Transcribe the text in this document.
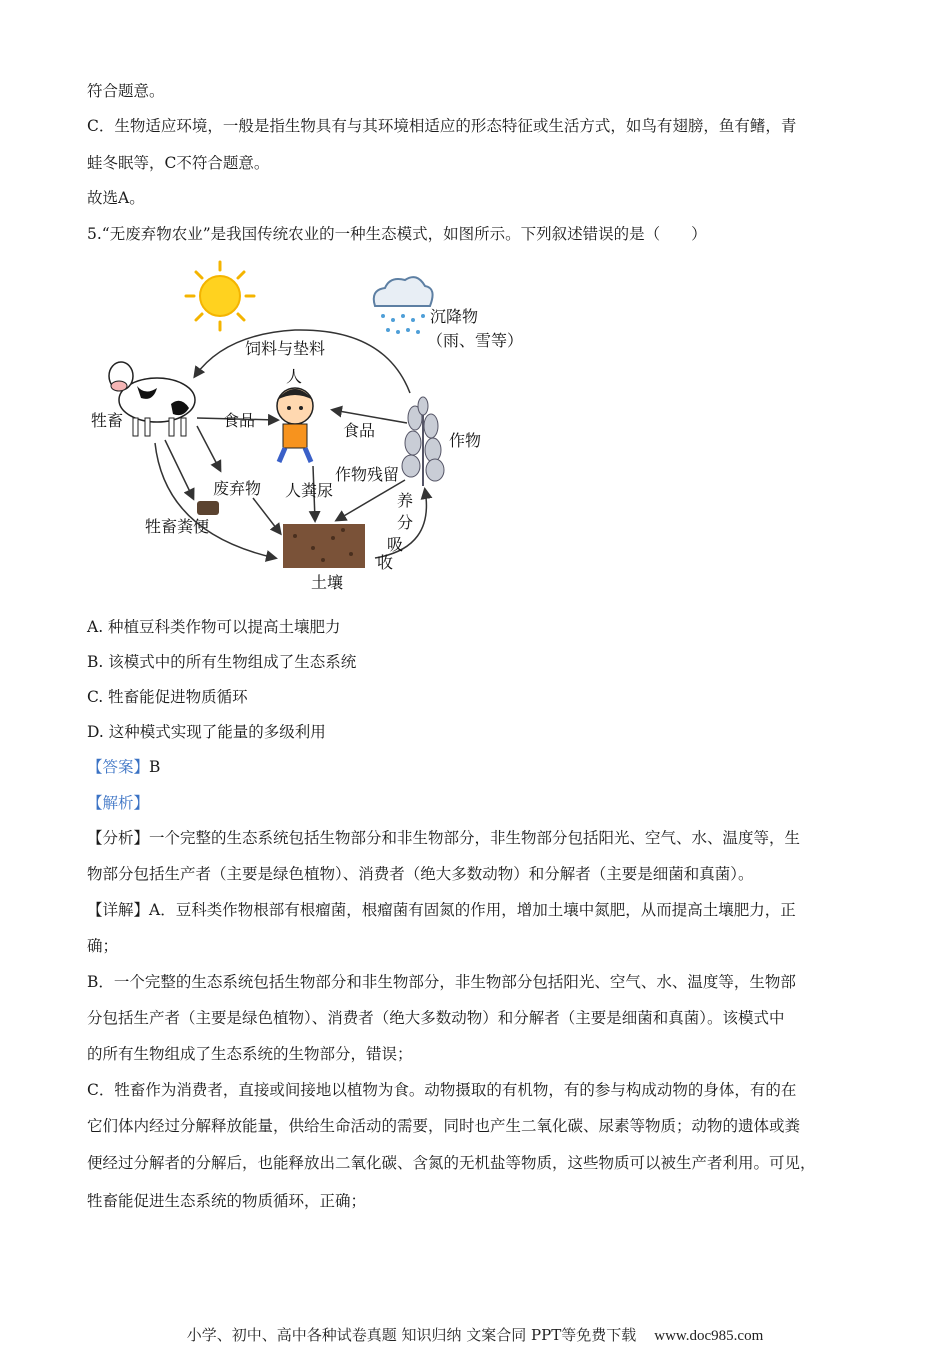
符合题意。
C．生物适应环境，一般是指生物具有与其环境相适应的形态特征或生活方式，如鸟有翅膀，鱼有鳍，青
蛙冬眠等，C不符合题意。
故选A。
5.“无废弃物农业”是我国传统农业的一种生态模式，如图所示。下列叙述错误的是（　　）
沉降物
（雨、雪等）
饲料与垫料
牲畜
人
作物
食品
食品
作物残留
人粪尿
废弃物
牲畜粪便
土壤
养
分
吸
收
A. 种植豆科类作物可以提高土壤肥力
B. 该模式中的所有生物组成了生态系统
C. 牲畜能促进物质循环
D. 这种模式实现了能量的多级利用
【答案】B
【解析】
【分析】一个完整的生态系统包括生物部分和非生物部分，非生物部分包括阳光、空气、水、温度等，生
物部分包括生产者（主要是绿色植物）、消费者（绝大多数动物）和分解者（主要是细菌和真菌）。
【详解】A．豆科类作物根部有根瘤菌，根瘤菌有固氮的作用，增加土壤中氮肥，从而提高土壤肥力，正
确；
B．一个完整的生态系统包括生物部分和非生物部分，非生物部分包括阳光、空气、水、温度等，生物部
分包括生产者（主要是绿色植物）、消费者（绝大多数动物）和分解者（主要是细菌和真菌）。该模式中
的所有生物组成了生态系统的生物部分，错误；
C．牲畜作为消费者，直接或间接地以植物为食。动物摄取的有机物，有的参与构成动物的身体，有的在
它们体内经过分解释放能量，供给生命活动的需要，同时也产生二氧化碳、尿素等物质；动物的遗体或粪
便经过分解者的分解后，也能释放出二氧化碳、含氮的无机盐等物质，这些物质可以被生产者利用。可见，
牲畜能促进生态系统的物质循环，正确；
小学、初中、高中各种试卷真题 知识归纳 文案合同 PPT等免费下载 www.doc985.com
